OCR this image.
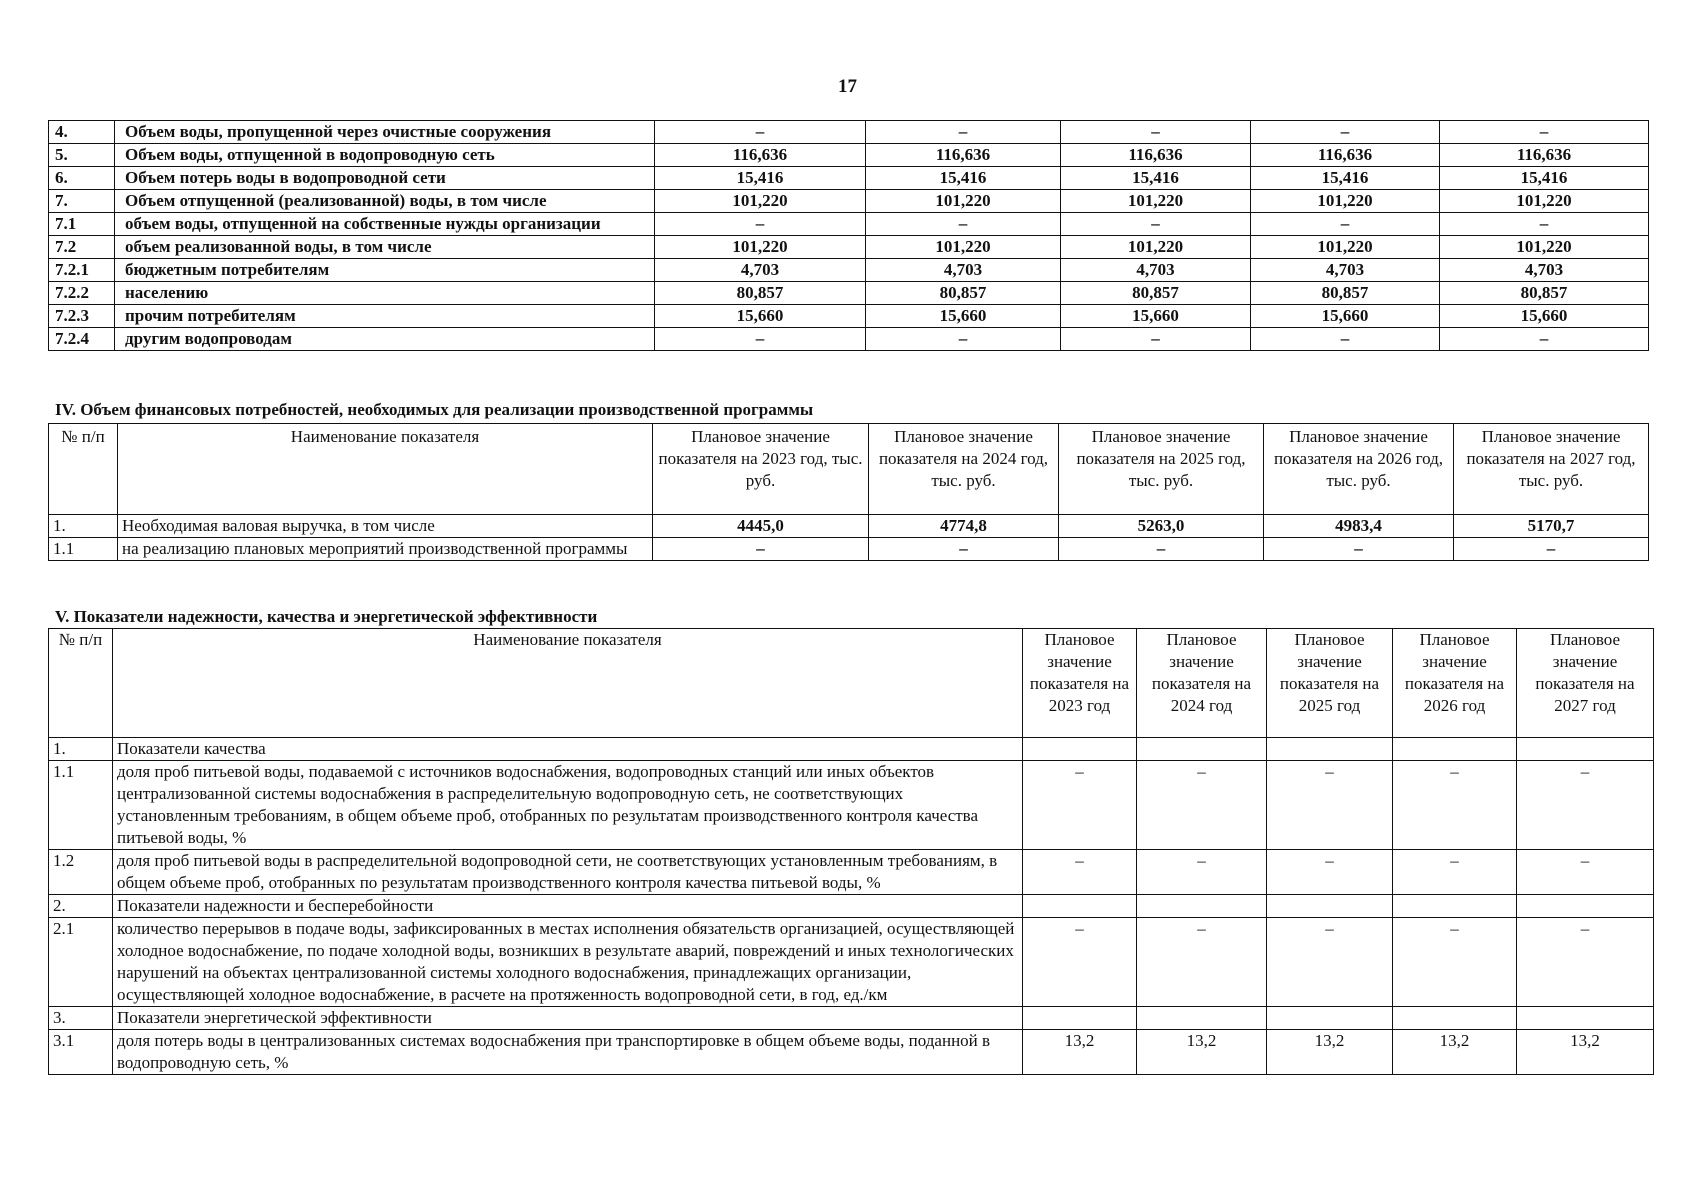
17
4.	Объем воды, пропущенной через очистные сооружения	–	–	–	–	–
5.	Объем воды, отпущенной в водопроводную сеть	116,636	116,636	116,636	116,636	116,636
6.	Объем потерь воды в водопроводной сети	15,416	15,416	15,416	15,416	15,416
7.	Объем отпущенной (реализованной) воды, в том числе	101,220	101,220	101,220	101,220	101,220
7.1	объем воды, отпущенной на собственные нужды организации	–	–	–	–	–
7.2	объем реализованной воды, в том числе	101,220	101,220	101,220	101,220	101,220
7.2.1	бюджетным потребителям	4,703	4,703	4,703	4,703	4,703
7.2.2	населению	80,857	80,857	80,857	80,857	80,857
7.2.3	прочим потребителям	15,660	15,660	15,660	15,660	15,660
7.2.4	другим водопроводам	–	–	–	–	–
IV. Объем финансовых потребностей, необходимых для реализации производственной программы
№ п/п	Наименование показателя	Плановое значение показателя на 2023 год, тыс. руб.	Плановое значение показателя на 2024 год, тыс. руб.	Плановое значение показателя на 2025 год, тыс. руб.	Плановое значение показателя на 2026 год, тыс. руб.	Плановое значение показателя на 2027 год, тыс. руб.
1.	Необходимая валовая выручка, в том числе	4445,0	4774,8	5263,0	4983,4	5170,7
1.1	на реализацию плановых мероприятий производственной программы	–	–	–	–	–
V. Показатели надежности, качества и энергетической эффективности
№ п/п	Наименование показателя	Плановое значение показателя на 2023 год	Плановое значение показателя на 2024 год	Плановое значение показателя на 2025 год	Плановое значение показателя на 2026 год	Плановое значение показателя на 2027 год
1.	Показатели качества					
1.1	доля проб питьевой воды, подаваемой с источников водоснабжения, водопроводных станций или иных объектов централизованной системы водоснабжения в распределительную водопроводную сеть, не соответствующих установленным требованиям, в общем объеме проб, отобранных по результатам производственного контроля качества питьевой воды, %	–	–	–	–	–
1.2	доля проб питьевой воды в распределительной водопроводной сети, не соответствующих установленным требованиям, в общем объеме проб, отобранных по результатам производственного контроля качества питьевой воды, %	–	–	–	–	–
2.	Показатели надежности и бесперебойности					
2.1	количество перерывов в подаче воды, зафиксированных в местах исполнения обязательств организацией, осуществляющей холодное водоснабжение, по подаче холодной воды, возникших в результате аварий, повреждений и иных технологических нарушений на объектах централизованной системы холодного водоснабжения, принадлежащих организации, осуществляющей холодное водоснабжение, в расчете на протяженность водопроводной сети, в год, ед./км	–	–	–	–	–
3.	Показатели энергетической эффективности					
3.1	доля потерь воды в централизованных системах водоснабжения при транспортировке в общем объеме воды, поданной в водопроводную сеть, %	13,2	13,2	13,2	13,2	13,2
